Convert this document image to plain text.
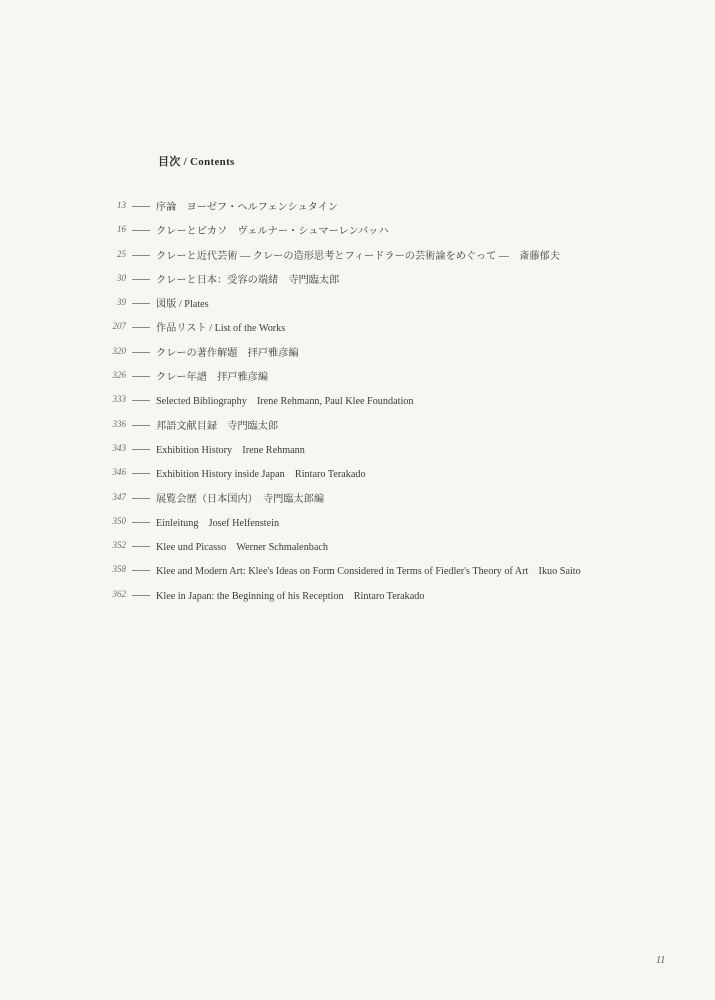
目次 / Contents
13	序論　ヨーゼフ・ヘルフェンシュタイン
16	クレーとピカソ　ヴェルナー・シュマーレンバッハ
25	クレーと近代芸術 ― クレーの造形思考とフィードラーの芸術論をめぐって ―　斎藤郁夫
30	クレーと日本：受容の端緒　寺門臨太郎
39	図版 / Plates
207	作品リスト / List of the Works
320	クレーの著作解題　拝戸雅彦編
326	クレー年譜　拝戸雅彦編
333	Selected Bibliography　Irene Rehmann, Paul Klee Foundation
336	邦語文献目録　寺門臨太郎
343	Exhibition History　Irene Rehmann
346	Exhibition History inside Japan　Rintaro Terakado
347	展覧会歴（日本国内）　寺門臨太郎編
350	Einleitung　Josef Helfenstein
352	Klee und Picasso　Werner Schmalenbach
358	Klee and Modern Art: Klee's Ideas on Form Considered in Terms of Fiedler's Theory of Art　Ikuo Saito
362	Klee in Japan: the Beginning of his Reception　Rintaro Terakado
11
